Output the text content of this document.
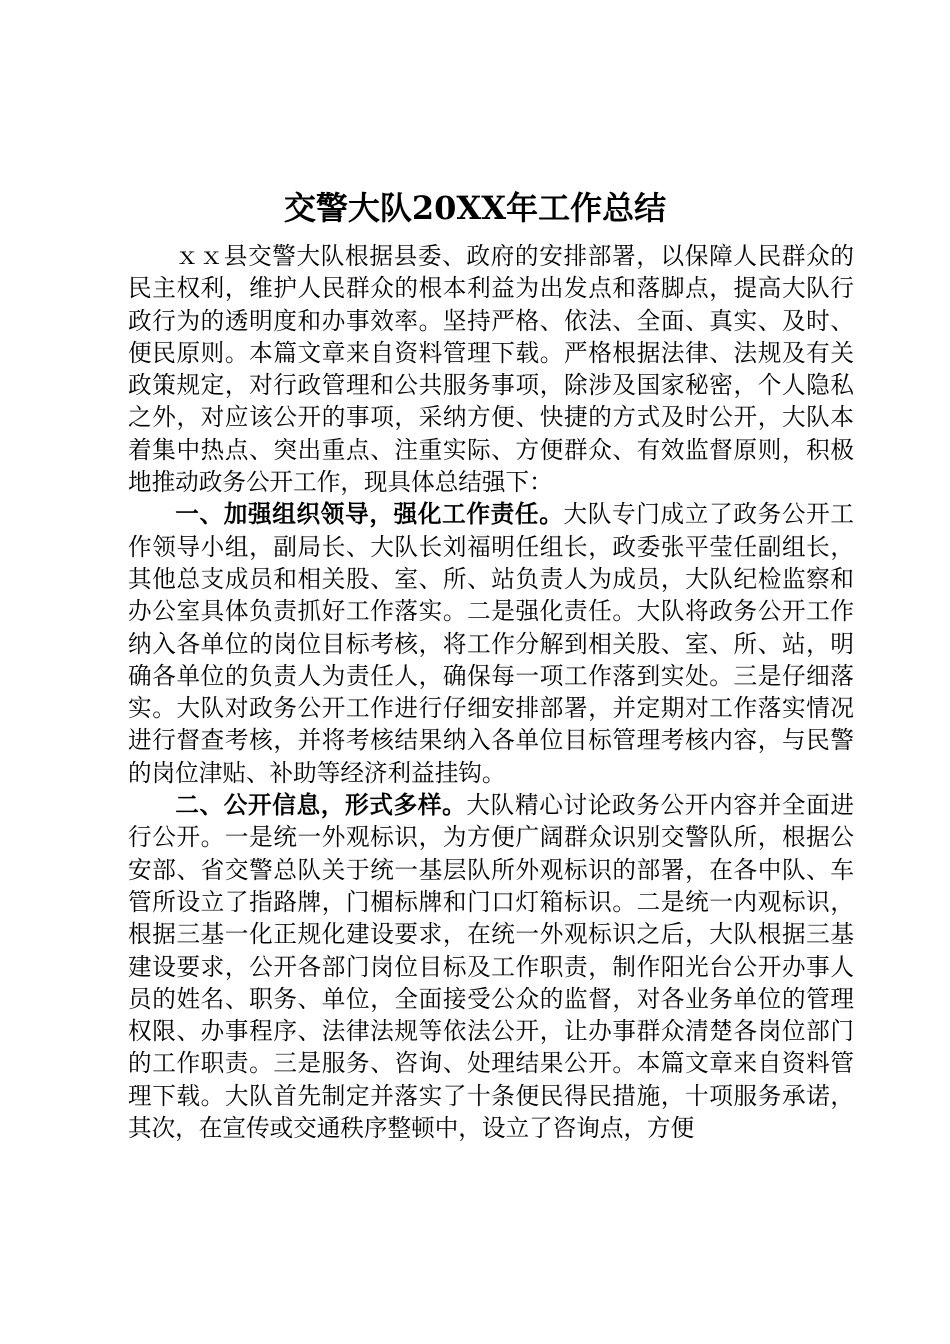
交警大队20XX年工作总结

ｘｘ县交警大队根据县委、政府的安排部署，以保障人民群众的民主权利，维护人民群众的根本利益为出发点和落脚点，提高大队行政行为的透明度和办事效率。坚持严格、依法、全面、真实、及时、便民原则。本篇文章来自资料管理下载。严格根据法律、法规及有关政策规定，对行政管理和公共服务事项，除涉及国家秘密，个人隐私之外，对应该公开的事项，采纳方便、快捷的方式及时公开，大队本着集中热点、突出重点、注重实际、方便群众、有效监督原则，积极地推动政务公开工作，现具体总结强下：

一、加强组织领导，强化工作责任。大队专门成立了政务公开工作领导小组，副局长、大队长刘福明任组长，政委张平莹任副组长，其他总支成员和相关股、室、所、站负责人为成员，大队纪检监察和办公室具体负责抓好工作落实。二是强化责任。大队将政务公开工作纳入各单位的岗位目标考核，将工作分解到相关股、室、所、站，明确各单位的负责人为责任人，确保每一项工作落到实处。三是仔细落实。大队对政务公开工作进行仔细安排部署，并定期对工作落实情况进行督查考核，并将考核结果纳入各单位目标管理考核内容，与民警的岗位津贴、补助等经济利益挂钩。

二、公开信息，形式多样。大队精心讨论政务公开内容并全面进行公开。一是统一外观标识，为方便广阔群众识别交警队所，根据公安部、省交警总队关于统一基层队所外观标识的部署，在各中队、车管所设立了指路牌，门楣标牌和门口灯箱标识。二是统一内观标识，根据三基一化正规化建设要求，在统一外观标识之后，大队根据三基建设要求，公开各部门岗位目标及工作职责，制作阳光台公开办事人员的姓名、职务、单位，全面接受公众的监督，对各业务单位的管理权限、办事程序、法律法规等依法公开，让办事群众清楚各岗位部门的工作职责。三是服务、咨询、处理结果公开。本篇文章来自资料管理下载。大队首先制定并落实了十条便民得民措施，十项服务承诺，其次，在宣传或交通秩序整顿中，设立了咨询点，方便
